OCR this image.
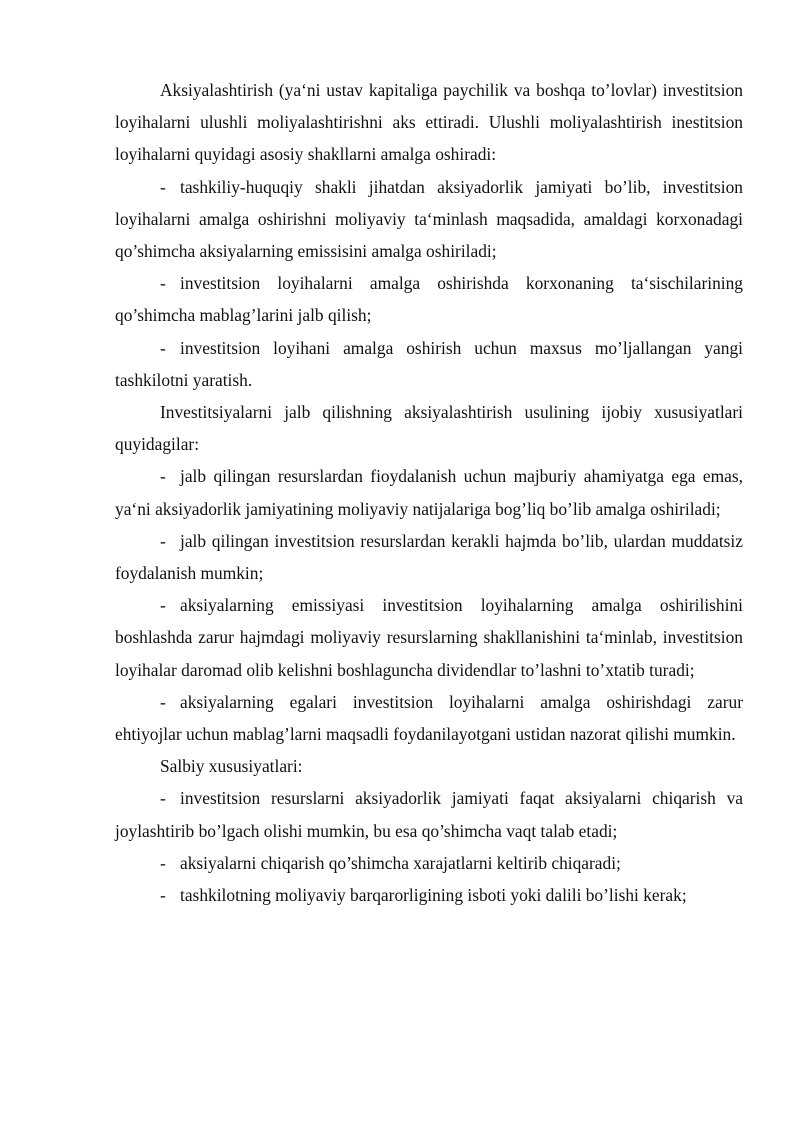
Aksiyalashtirish (ya‘ni ustav kapitaliga paychilik va boshqa to’lovlar) investitsion loyihalarni ulushli moliyalashtirishni aks ettiradi. Ulushli moliyalashtirish inestitsion loyihalarni quyidagi asosiy shakllarni amalga oshiradi:

- tashkiliy-huquqiy shakli jihatdan aksiyadorlik jamiyati bo’lib, investitsion loyihalarni amalga oshirishni moliyaviy ta‘minlash maqsadida, amaldagi korxonadagi qo’shimcha aksiyalarning emissisini amalga oshiriladi;

- investitsion loyihalarni amalga oshirishda korxonaning ta‘sischilarining qo’shimcha mablag’larini jalb qilish;

- investitsion loyihani amalga oshirish uchun maxsus mo’ljallangan yangi tashkilotni yaratish.

Investitsiyalarni jalb qilishning aksiyalashtirish usulining ijobiy xususiyatlari quyidagilar:

- jalb qilingan resurslardan fioydalanish uchun majburiy ahamiyatga ega emas, ya‘ni aksiyadorlik jamiyatining moliyaviy natijalariga bog’liq bo’lib amalga oshiriladi;

- jalb qilingan investitsion resurslardan kerakli hajmda bo’lib, ulardan muddatsiz foydalanish mumkin;

- aksiyalarning emissiyasi investitsion loyihalarning amalga oshirilishini boshlashda zarur hajmdagi moliyaviy resurslarning shakllanishini ta‘minlab, investitsion loyihalar daromad olib kelishni boshlaguncha dividendlar to’lashni to’xtatib turadi;

- aksiyalarning egalari investitsion loyihalarni amalga oshirishdagi zarur ehtiyojlar uchun mablag’larni maqsadli foydanilayotgani ustidan nazorat qilishi mumkin.

Salbiy xususiyatlari:

- investitsion resurslarni aksiyadorlik jamiyati faqat aksiyalarni chiqarish va joylashtirib bo’lgach olishi mumkin, bu esa qo’shimcha vaqt talab etadi;

- aksiyalarni chiqarish qo’shimcha xarajatlarni keltirib chiqaradi;

- tashkilotning moliyaviy barqarorligining isboti yoki dalili bo’lishi kerak;
